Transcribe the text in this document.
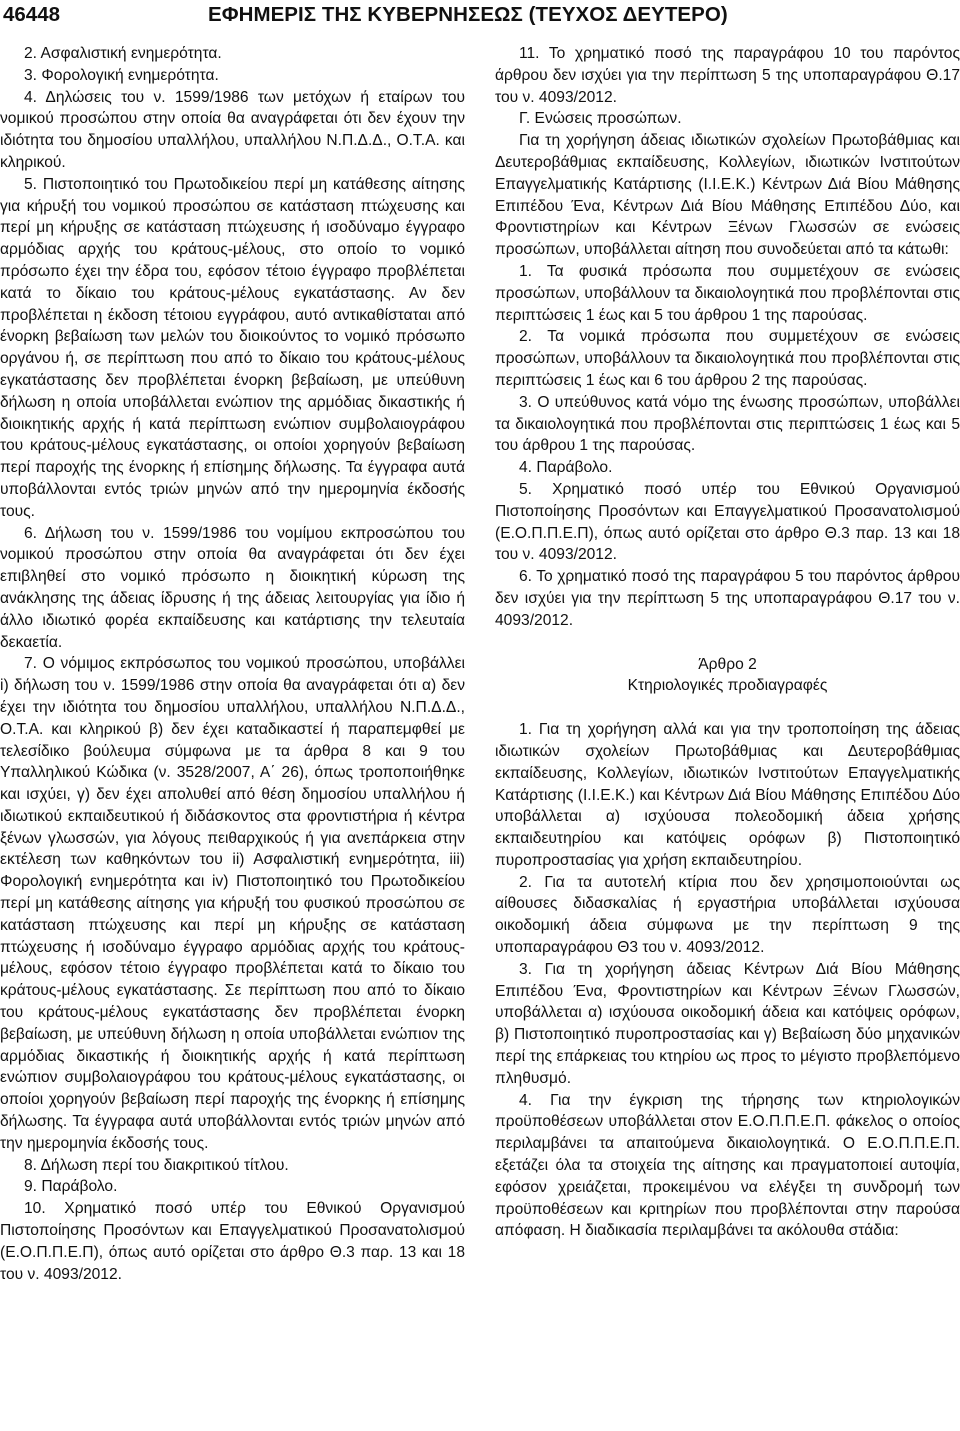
46448	ΕΦΗΜΕΡΙΣ ΤΗΣ ΚΥΒΕΡΝΗΣΕΩΣ (ΤΕΥΧΟΣ ΔΕΥΤΕΡΟ)

2. Ασφαλιστική ενημερότητα.

3. Φορολογική ενημερότητα.

4. Δηλώσεις του ν. 1599/1986 των μετόχων ή εταίρων του νομικού προσώπου στην οποία θα αναγράφεται ότι δεν έχουν την ιδιότητα του δημοσίου υπαλλήλου, υπαλλήλου Ν.Π.Δ.Δ., Ο.Τ.Α. και κληρικού.

5. Πιστοποιητικό του Πρωτοδικείου περί μη κατάθεσης αίτησης για κήρυξή του νομικού προσώπου σε κατάσταση πτώχευσης και περί μη κήρυξης σε κατάσταση πτώχευσης ή ισοδύναμο έγγραφο αρμόδιας αρχής του κράτους-μέλους, στο οποίο το νομικό πρόσωπο έχει την έδρα του, εφόσον τέτοιο έγγραφο προβλέπεται κατά το δίκαιο του κράτους-μέλους εγκατάστασης. Αν δεν προβλέπεται η έκδοση τέτοιου εγγράφου, αυτό αντικαθίσταται από ένορκη βεβαίωση των μελών του διοικούντος το νομικό πρόσωπο οργάνου ή, σε περίπτωση που από το δίκαιο του κράτους-μέλους εγκατάστασης δεν προβλέπεται ένορκη βεβαίωση, με υπεύθυνη δήλωση η οποία υποβάλλεται ενώπιον της αρμόδιας δικαστικής ή διοικητικής αρχής ή κατά περίπτωση ενώπιον συμβολαιογράφου του κράτους-μέλους εγκατάστασης, οι οποίοι χορηγούν βεβαίωση περί παροχής της ένορκης ή επίσημης δήλωσης. Τα έγγραφα αυτά υποβάλλονται εντός τριών μηνών από την ημερομηνία έκδοσής τους.

6. Δήλωση του ν. 1599/1986 του νομίμου εκπροσώπου του νομικού προσώπου στην οποία θα αναγράφεται ότι δεν έχει επιβληθεί στο νομικό πρόσωπο η διοικητική κύρωση της ανάκλησης της άδειας ίδρυσης ή της άδειας λειτουργίας για ίδιο ή άλλο ιδιωτικό φορέα εκπαίδευσης και κατάρτισης την τελευταία δεκαετία.

7. Ο νόμιμος εκπρόσωπος του νομικού προσώπου, υποβάλλει i) δήλωση του ν. 1599/1986 στην οποία θα αναγράφεται ότι α) δεν έχει την ιδιότητα του δημοσίου υπαλλήλου, υπαλλήλου Ν.Π.Δ.Δ., Ο.Τ.Α. και κληρικού β) δεν έχει καταδικαστεί ή παραπεμφθεί με τελεσίδικο βούλευμα σύμφωνα με τα άρθρα 8 και 9 του Υπαλληλικού Κώδικα (ν. 3528/2007, Α΄ 26), όπως τροποποιήθηκε και ισχύει, γ) δεν έχει απολυθεί από θέση δημοσίου υπαλλήλου ή ιδιωτικού εκπαιδευτικού ή διδάσκοντος στα φροντιστήρια ή κέντρα ξένων γλωσσών, για λόγους πειθαρχικούς ή για ανεπάρκεια στην εκτέλεση των καθηκόντων του ii) Ασφαλιστική ενημερότητα, iii) Φορολογική ενημερότητα και iv) Πιστοποιητικό του Πρωτοδικείου περί μη κατάθεσης αίτησης για κήρυξή του φυσικού προσώπου σε κατάσταση πτώχευσης και περί μη κήρυξης σε κατάσταση πτώχευσης ή ισοδύναμο έγγραφο αρμόδιας αρχής του κράτους-μέλους, εφόσον τέτοιο έγγραφο προβλέπεται κατά το δίκαιο του κράτους-μέλους εγκατάστασης. Σε περίπτωση που από το δίκαιο του κράτους-μέλους εγκατάστασης δεν προβλέπεται ένορκη βεβαίωση, με υπεύθυνη δήλωση η οποία υποβάλλεται ενώπιον της αρμόδιας δικαστικής ή διοικητικής αρχής ή κατά περίπτωση ενώπιον συμβολαιογράφου του κράτους-μέλους εγκατάστασης, οι οποίοι χορηγούν βεβαίωση περί παροχής της ένορκης ή επίσημης δήλωσης. Τα έγγραφα αυτά υποβάλλονται εντός τριών μηνών από την ημερομηνία έκδοσής τους.

8. Δήλωση περί του διακριτικού τίτλου.

9. Παράβολο.

10. Χρηματικό ποσό υπέρ του Εθνικού Οργανισμού Πιστοποίησης Προσόντων και Επαγγελματικού Προσανατολισμού (Ε.Ο.Π.Π.Ε.Π), όπως αυτό ορίζεται στο άρθρο Θ.3 παρ. 13 και 18 του ν. 4093/2012.

11. Το χρηματικό ποσό της παραγράφου 10 του παρόντος άρθρου δεν ισχύει για την περίπτωση 5 της υποπαραγράφου Θ.17 του ν. 4093/2012.

Γ. Ενώσεις προσώπων.

Για τη χορήγηση άδειας ιδιωτικών σχολείων Πρωτοβάθμιας και Δευτεροβάθμιας εκπαίδευσης, Κολλεγίων, ιδιωτικών Ινστιτούτων Επαγγελματικής Κατάρτισης (Ι.Ι.Ε.Κ.) Κέντρων Διά Βίου Μάθησης Επιπέδου Ένα, Κέντρων Διά Βίου Μάθησης Επιπέδου Δύο, και Φροντιστηρίων και Κέντρων Ξένων Γλωσσών σε ενώσεις προσώπων, υποβάλλεται αίτηση που συνοδεύεται από τα κάτωθι:

1. Τα φυσικά πρόσωπα που συμμετέχουν σε ενώσεις προσώπων, υποβάλλουν τα δικαιολογητικά που προβλέπονται στις περιπτώσεις 1 έως και 5 του άρθρου 1 της παρούσας.

2. Τα νομικά πρόσωπα που συμμετέχουν σε ενώσεις προσώπων, υποβάλλουν τα δικαιολογητικά που προβλέπονται στις περιπτώσεις 1 έως και 6 του άρθρου 2 της παρούσας.

3. Ο υπεύθυνος κατά νόμο της ένωσης προσώπων, υποβάλλει τα δικαιολογητικά που προβλέπονται στις περιπτώσεις 1 έως και 5 του άρθρου 1 της παρούσας.

4. Παράβολο.

5. Χρηματικό ποσό υπέρ του Εθνικού Οργανισμού Πιστοποίησης Προσόντων και Επαγγελματικού Προσανατολισμού (Ε.Ο.Π.Π.Ε.Π), όπως αυτό ορίζεται στο άρθρο Θ.3 παρ. 13 και 18 του ν. 4093/2012.

6. Το χρηματικό ποσό της παραγράφου 5 του παρόντος άρθρου δεν ισχύει για την περίπτωση 5 της υποπαραγράφου Θ.17 του ν. 4093/2012.

Άρθρο 2

Κτηριολογικές προδιαγραφές

1. Για τη χορήγηση αλλά και για την τροποποίηση της άδειας ιδιωτικών σχολείων Πρωτοβάθμιας και Δευτεροβάθμιας εκπαίδευσης, Κολλεγίων, ιδιωτικών Ινστιτούτων Επαγγελματικής Κατάρτισης (Ι.Ι.Ε.Κ.) και Κέντρων Διά Βίου Μάθησης Επιπέδου Δύο υποβάλλεται α) ισχύουσα πολεοδομική άδεια χρήσης εκπαιδευτηρίου και κατόψεις ορόφων β) Πιστοποιητικό πυροπροστασίας για χρήση εκπαιδευτηρίου.

2. Για τα αυτοτελή κτίρια που δεν χρησιμοποιούνται ως αίθουσες διδασκαλίας ή εργαστήρια υποβάλλεται ισχύουσα οικοδομική άδεια σύμφωνα με την περίπτωση 9 της υποπαραγράφου Θ3 του ν. 4093/2012.

3. Για τη χορήγηση άδειας Κέντρων Διά Βίου Μάθησης Επιπέδου Ένα, Φροντιστηρίων και Κέντρων Ξένων Γλωσσών, υποβάλλεται α) ισχύουσα οικοδομική άδεια και κατόψεις ορόφων, β) Πιστοποιητικό πυροπροστασίας και γ) Βεβαίωση δύο μηχανικών περί της επάρκειας του κτηρίου ως προς το μέγιστο προβλεπόμενο πληθυσμό.

4. Για την έγκριση της τήρησης των κτηριολογικών προϋποθέσεων υποβάλλεται στον Ε.Ο.Π.Π.Ε.Π. φάκελος ο οποίος περιλαμβάνει τα απαιτούμενα δικαιολογητικά. Ο Ε.Ο.Π.Π.Ε.Π. εξετάζει όλα τα στοιχεία της αίτησης και πραγματοποιεί αυτοψία, εφόσον χρειάζεται, προκειμένου να ελέγξει τη συνδρομή των προϋποθέσεων και κριτηρίων που προβλέπονται στην παρούσα απόφαση. Η διαδικασία περιλαμβάνει τα ακόλουθα στάδια:
